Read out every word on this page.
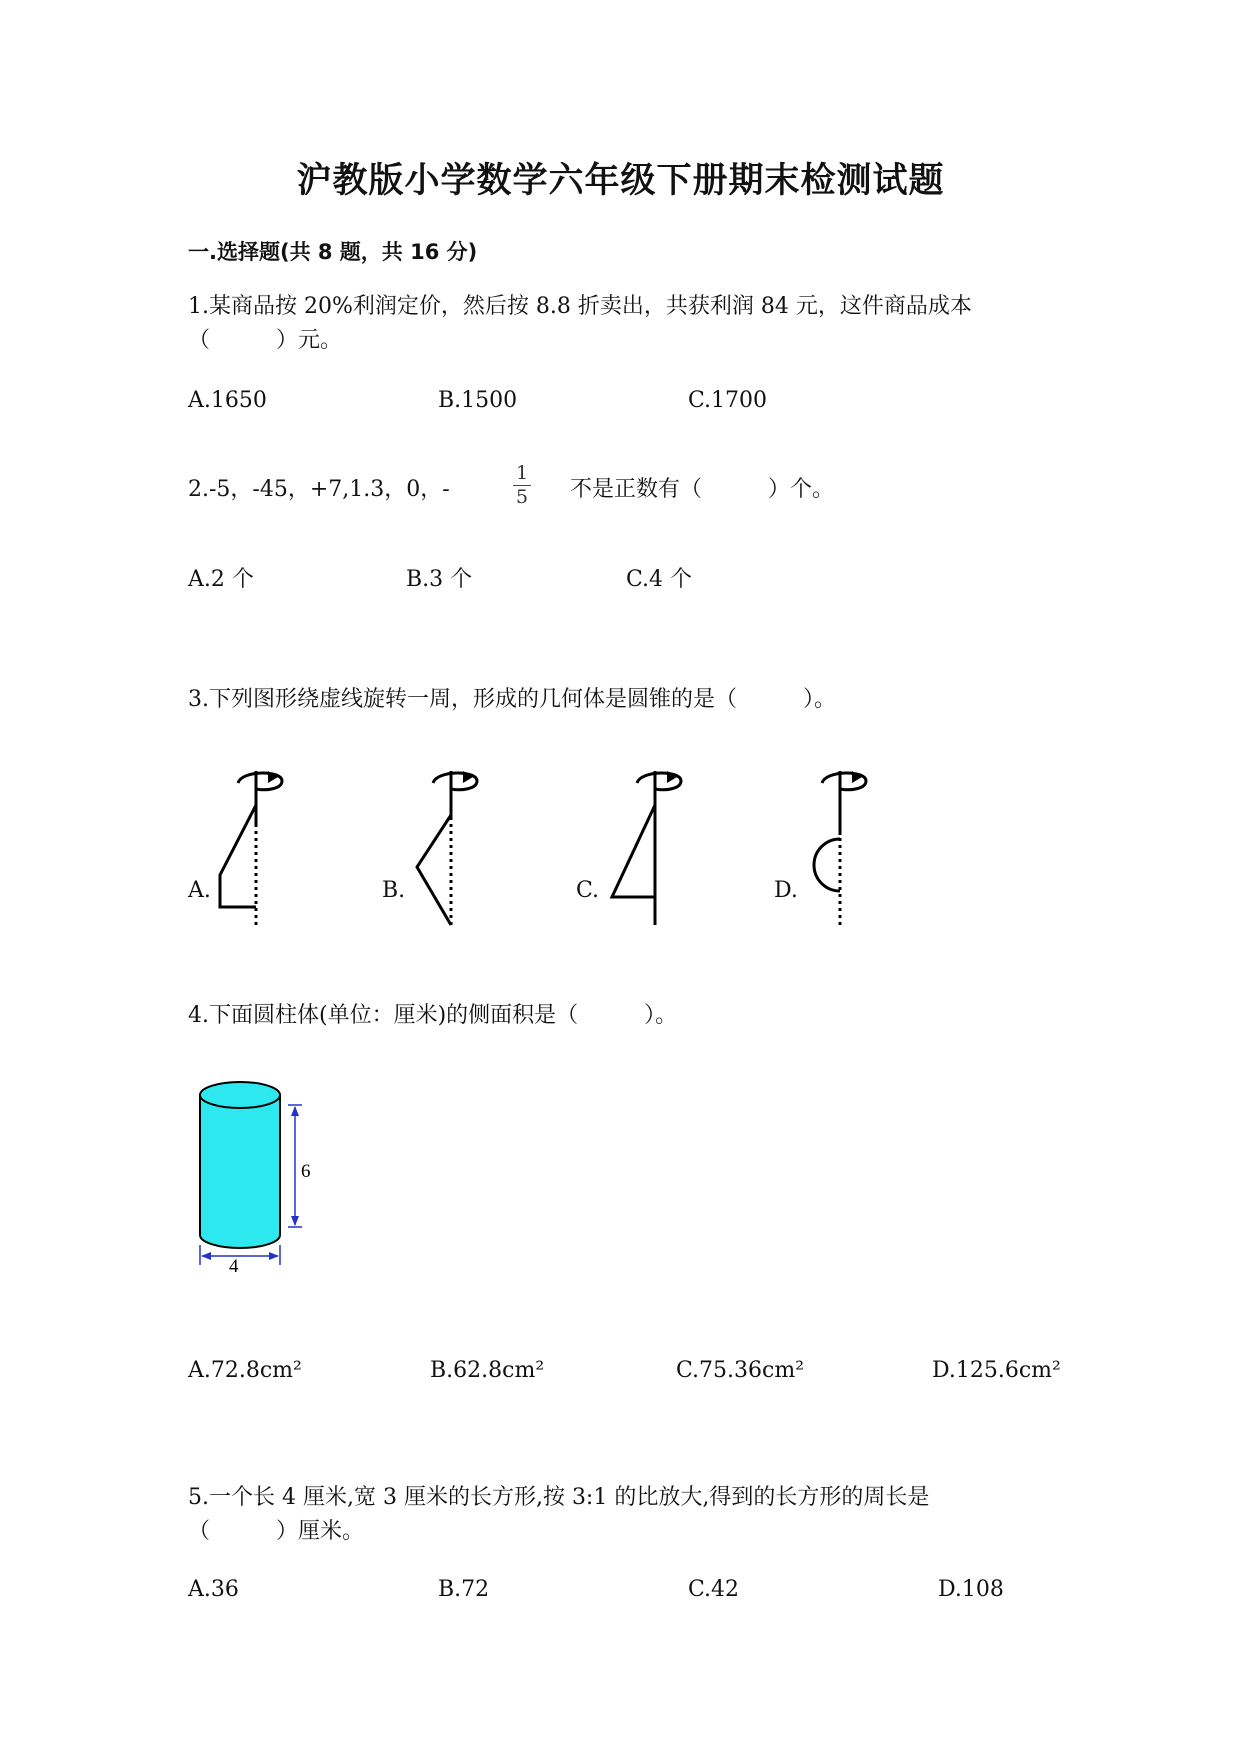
沪教版小学数学六年级下册期末检测试题
一.选择题(共 8 题，共 16 分)
1.某商品按 20%利润定价，然后按 8.8 折卖出，共获利润 84 元，这件商品成本
（　　　）元。
A.1650	B.1500	C.1700
2.-5，-45，+7,1.3，0，-
1
5 不是正数有（　　　）个。
A.2 个	B.3 个	C.4 个
3.下列图形绕虚线旋转一周，形成的几何体是圆锥的是（　　　）。
A.	B.	C.	D.
4.下面圆柱体(单位：厘米)的侧面积是（　　　）。
6
4
A.72.8cm²	B.62.8cm²	C.75.36cm²	D.125.6cm²
5.一个长 4 厘米,宽 3 厘米的长方形,按 3:1 的比放大,得到的长方形的周长是
（　　　）厘米。
A.36	B.72	C.42	D.108
